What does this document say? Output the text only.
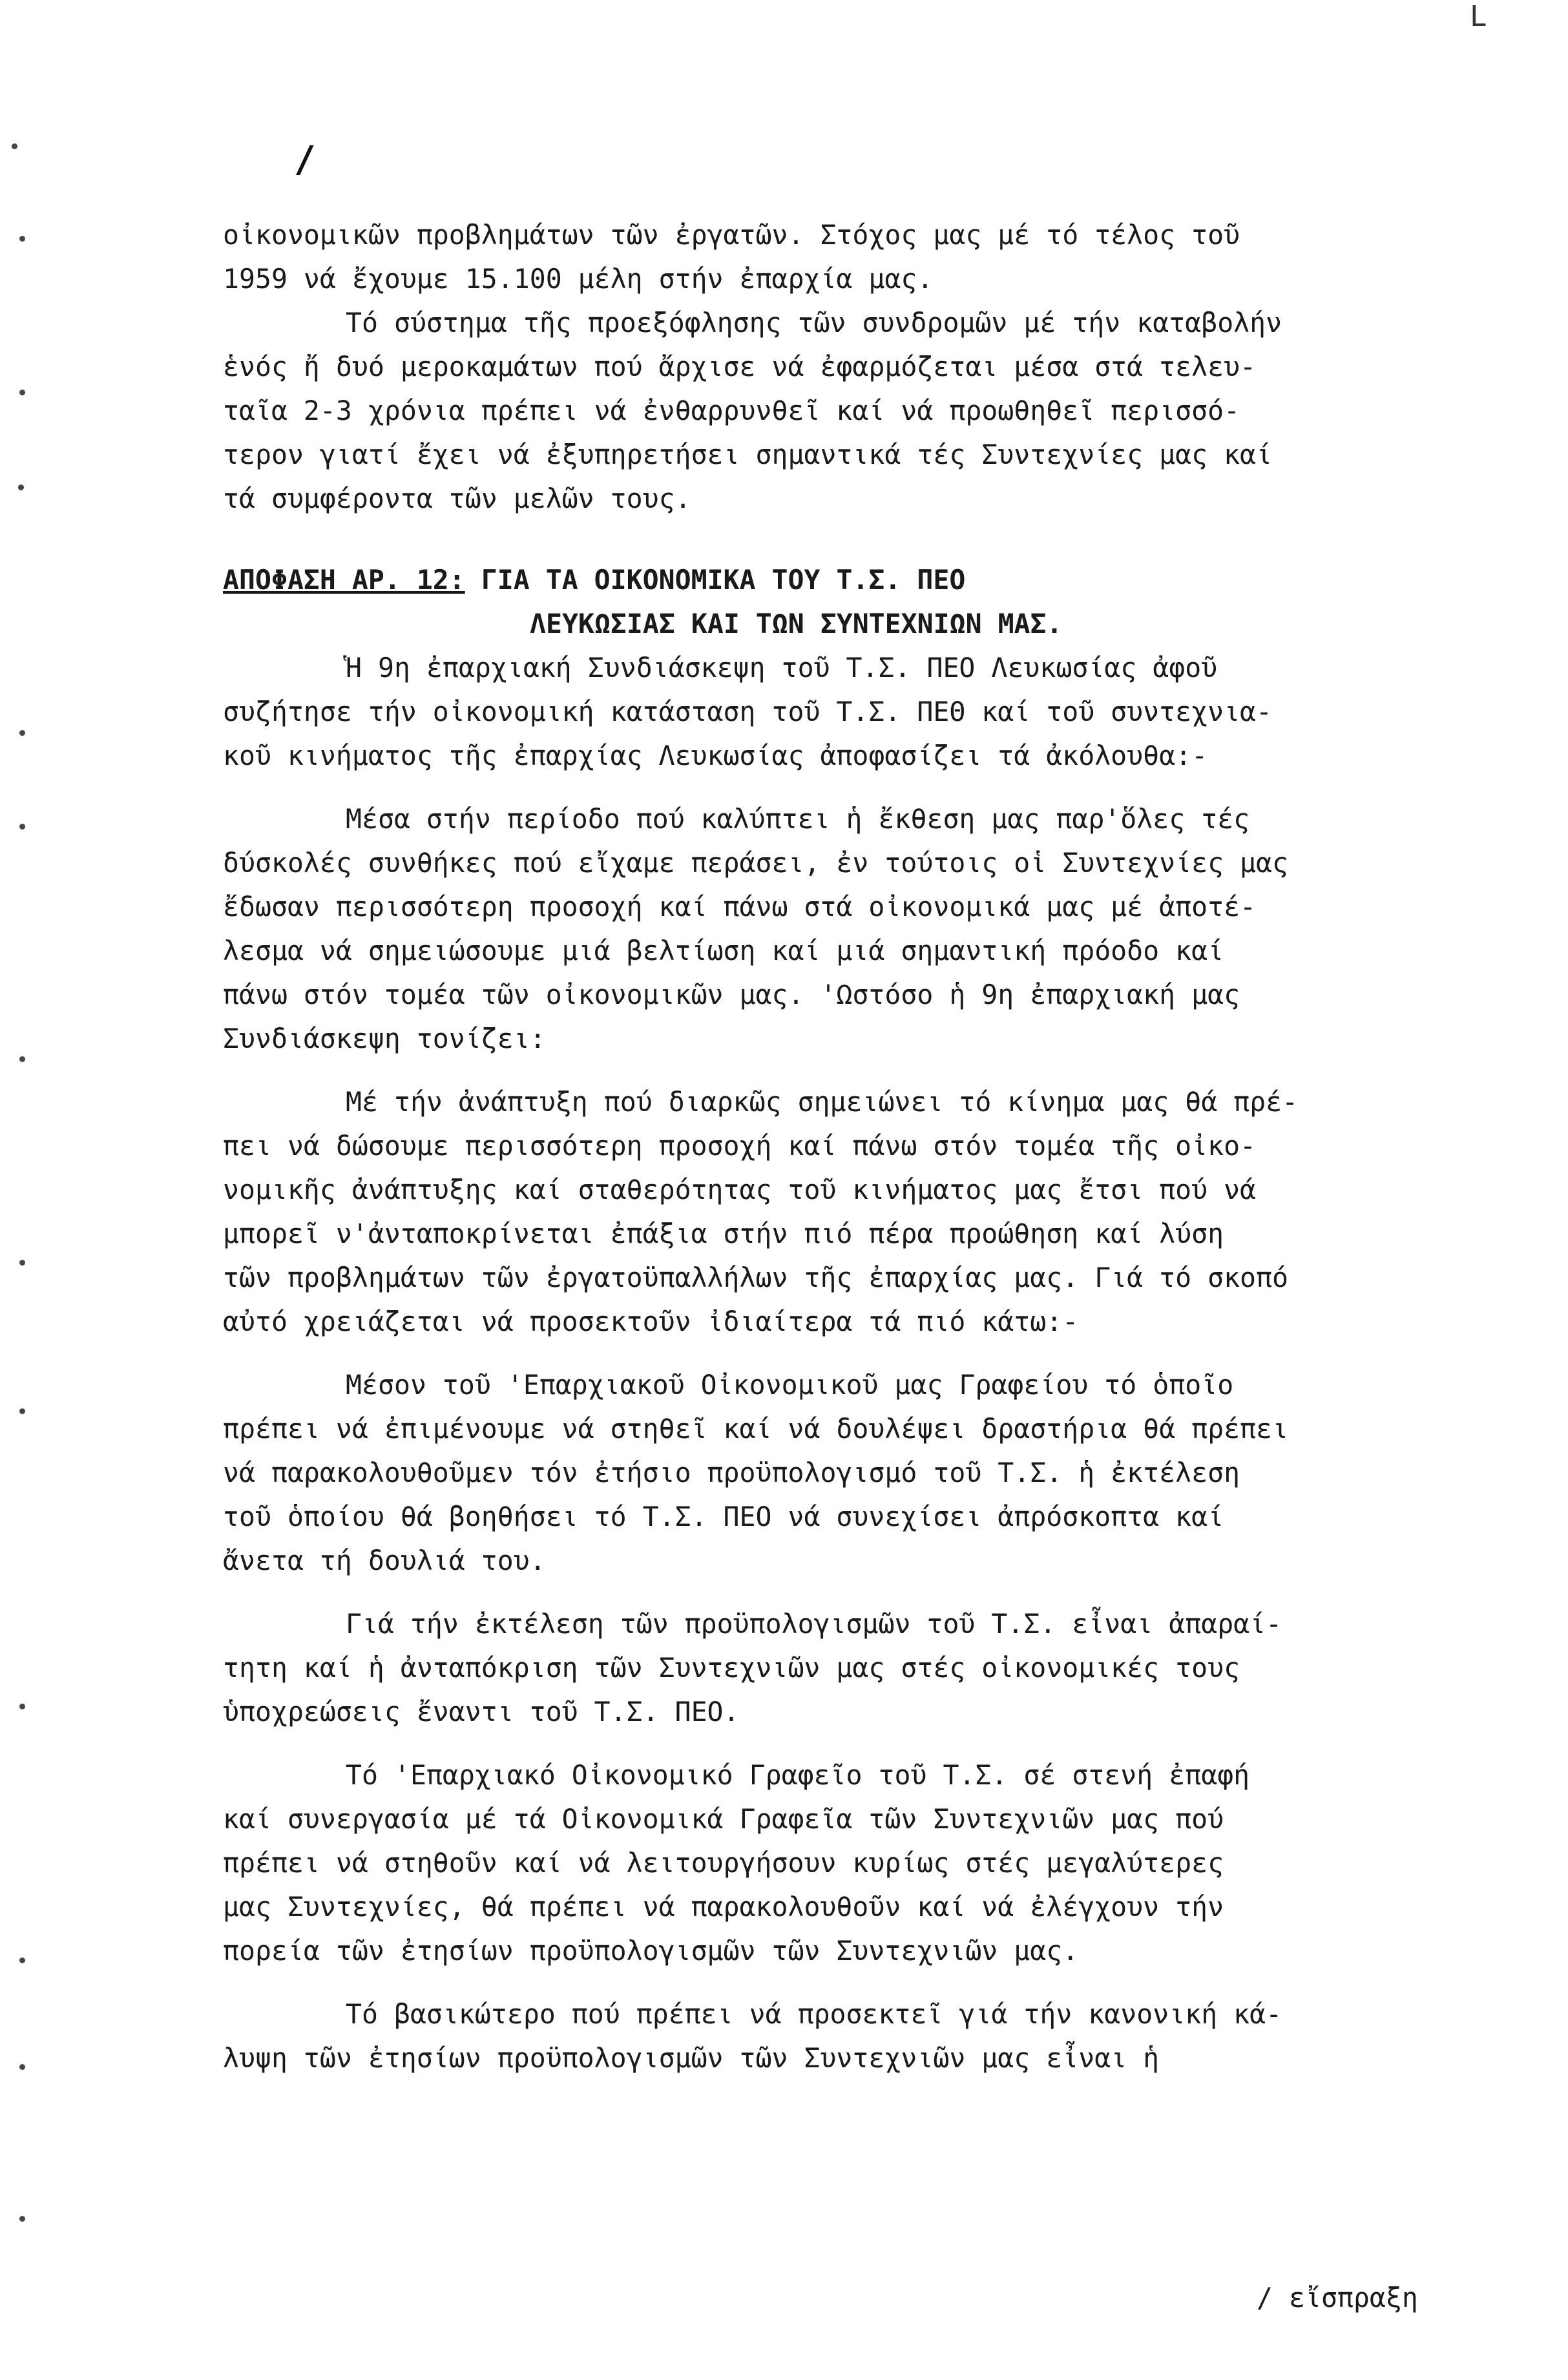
L
/

οἰκονομικῶν προβλημάτων τῶν ἐργατῶν. Στόχος μας μέ τό τέλος τοῦ

1959 νά ἔχουμε 15.100 μέλη στήν ἐπαρχία μας.

Τό σύστημα τῆς προεξόφλησης τῶν συνδρομῶν μέ τήν καταβολήν

ἑνός ἤ δυό μεροκαμάτων πού ἄρχισε νά ἐφαρμόζεται μέσα στά τελευ-

ταῖα 2-3 χρόνια πρέπει νά ἐνθαρρυνθεῖ καί νά προωθηθεῖ περισσό-

τερον γιατί ἔχει νά ἐξυπηρετήσει σημαντικά τές Συντεχνίες μας καί

τά συμφέροντα τῶν μελῶν τους.

ΑΠΟΦΑΣΗ ΑΡ. 12: ΓΙΑ ΤΑ ΟΙΚΟΝΟΜΙΚΑ ΤΟΥ Τ.Σ. ΠΕΟ

ΛΕΥΚΩΣΙΑΣ ΚΑΙ ΤΩΝ ΣΥΝΤΕΧΝΙΩΝ ΜΑΣ.

Ἡ 9η ἐπαρχιακή Συνδιάσκεψη τοῦ Τ.Σ. ΠΕΟ Λευκωσίας ἀφοῦ

συζήτησε τήν οἰκονομική κατάσταση τοῦ Τ.Σ. ΠΕΘ καί τοῦ συντεχνια-

κοῦ κινήματος τῆς ἐπαρχίας Λευκωσίας ἀποφασίζει τά ἀκόλουθα:-

Μέσα στήν περίοδο πού καλύπτει ἡ ἔκθεση μας παρ'ὅλες τές

δύσκολές συνθήκες πού εἴχαμε περάσει, ἐν τούτοις οἱ Συντεχνίες μας

ἔδωσαν περισσότερη προσοχή καί πάνω στά οἰκονομικά μας μέ ἀποτέ-

λεσμα νά σημειώσουμε μιά βελτίωση καί μιά σημαντική πρόοδο καί

πάνω στόν τομέα τῶν οἰκονομικῶν μας. 'Ωστόσο ἡ 9η ἐπαρχιακή μας

Συνδιάσκεψη τονίζει:

Μέ τήν ἀνάπτυξη πού διαρκῶς σημειώνει τό κίνημα μας θά πρέ-

πει νά δώσουμε περισσότερη προσοχή καί πάνω στόν τομέα τῆς οἰκο-

νομικῆς ἀνάπτυξης καί σταθερότητας τοῦ κινήματος μας ἔτσι πού νά

μπορεῖ ν'ἀνταποκρίνεται ἐπάξια στήν πιό πέρα προώθηση καί λύση

τῶν προβλημάτων τῶν ἐργατοϋπαλλήλων τῆς ἐπαρχίας μας. Γιά τό σκοπό

αὐτό χρειάζεται νά προσεκτοῦν ἰδιαίτερα τά πιό κάτω:-

Μέσον τοῦ 'Επαρχιακοῦ Οἰκονομικοῦ μας Γραφείου τό ὁποῖο

πρέπει νά ἐπιμένουμε νά στηθεῖ καί νά δουλέψει δραστήρια θά πρέπει

νά παρακολουθοῦμεν τόν ἐτήσιο προϋπολογισμό τοῦ Τ.Σ. ἡ ἐκτέλεση

τοῦ ὁποίου θά βοηθήσει τό Τ.Σ. ΠΕΟ νά συνεχίσει ἀπρόσκοπτα καί

ἄνετα τή δουλιά του.

Γιά τήν ἐκτέλεση τῶν προϋπολογισμῶν τοῦ Τ.Σ. εἶναι ἀπαραί-

τητη καί ἡ ἀνταπόκριση τῶν Συντεχνιῶν μας στές οἰκονομικές τους

ὑποχρεώσεις ἔναντι τοῦ Τ.Σ. ΠΕΟ.

Τό 'Επαρχιακό Οἰκονομικό Γραφεῖο τοῦ Τ.Σ. σέ στενή ἐπαφή

καί συνεργασία μέ τά Οἰκονομικά Γραφεῖα τῶν Συντεχνιῶν μας πού

πρέπει νά στηθοῦν καί νά λειτουργήσουν κυρίως στές μεγαλύτερες

μας Συντεχνίες, θά πρέπει νά παρακολουθοῦν καί νά ἐλέγχουν τήν

πορεία τῶν ἐτησίων προϋπολογισμῶν τῶν Συντεχνιῶν μας.

Τό βασικώτερο πού πρέπει νά προσεκτεῖ γιά τήν κανονική κά-

λυψη τῶν ἐτησίων προϋπολογισμῶν τῶν Συντεχνιῶν μας εἶναι ἡ

/ εἴσπραξη
